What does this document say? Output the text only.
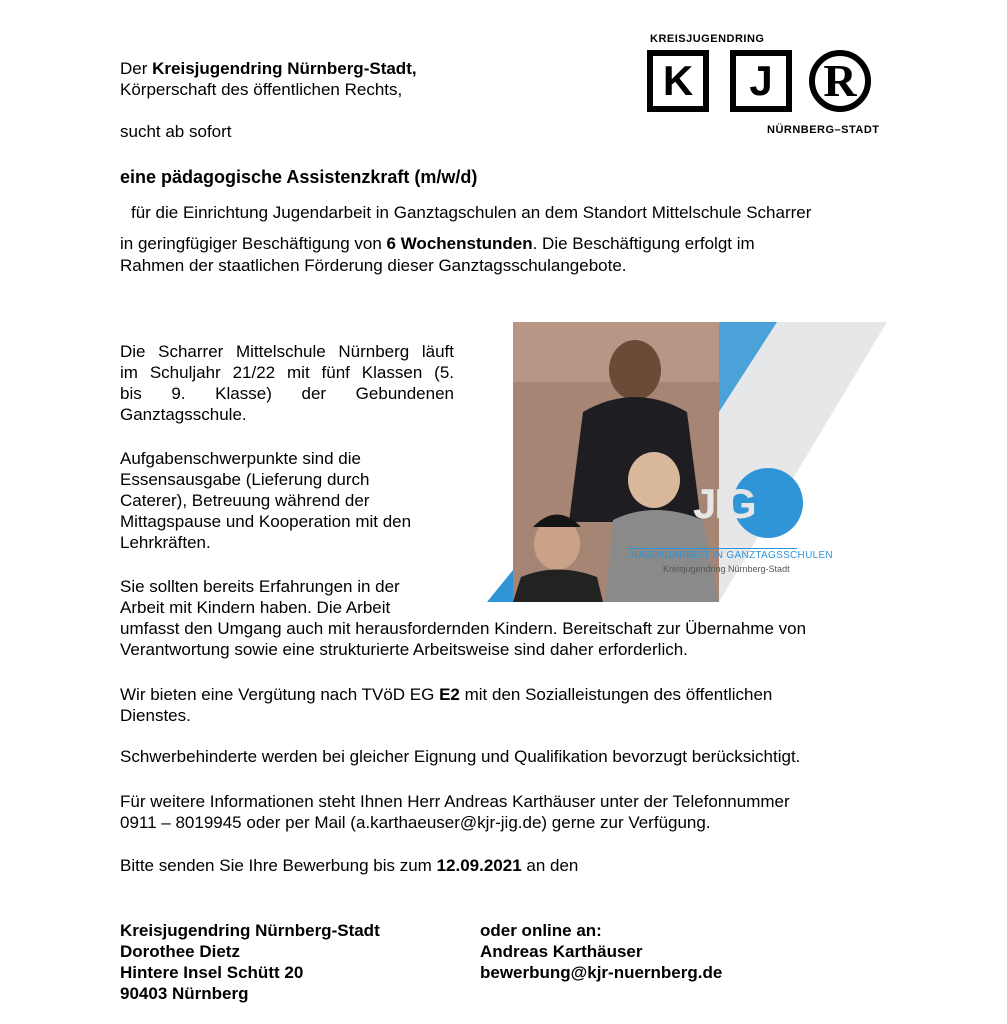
KREISJUGENDRING
K J R
NÜRNBERG–STADT
Der Kreisjugendring Nürnberg-Stadt,
Körperschaft des öffentlichen Rechts,
sucht ab sofort
eine pädagogische Assistenzkraft (m/w/d)
für die Einrichtung Jugendarbeit in Ganztagschulen an dem Standort Mittelschule Scharrer
in geringfügiger Beschäftigung von 6 Wochenstunden. Die Beschäftigung erfolgt im
Rahmen der staatlichen Förderung dieser Ganztagsschulangebote.
Die Scharrer Mittelschule Nürnberg läuft
im Schuljahr 21/22 mit fünf Klassen (5.
bis 9. Klasse) der Gebundenen
Ganztagsschule.
Aufgabenschwerpunkte sind die
Essensausgabe (Lieferung durch
Caterer), Betreuung während der
Mittagspause und Kooperation mit den
Lehrkräften.
Sie sollten bereits Erfahrungen in der
Arbeit mit Kindern haben. Die Arbeit
umfasst den Umgang auch mit herausfordernden Kindern. Bereitschaft zur Übernahme von
Verantwortung sowie eine strukturierte Arbeitsweise sind daher erforderlich.
Wir bieten eine Vergütung nach TVöD EG E2 mit den Sozialleistungen des öffentlichen
Dienstes.
Schwerbehinderte werden bei gleicher Eignung und Qualifikation bevorzugt berücksichtigt.
Für weitere Informationen steht Ihnen Herr Andreas Karthäuser unter der Telefonnummer
0911 – 8019945 oder per Mail (a.karthaeuser@kjr-jig.de) gerne zur Verfügung.
Bitte senden Sie Ihre Bewerbung bis zum 12.09.2021 an den
Kreisjugendring Nürnberg-Stadt
Dorothee Dietz
Hintere Insel Schütt 20
90403 Nürnberg
oder online an:
Andreas Karthäuser
bewerbung@kjr-nuernberg.de
JIG
JUGENDARBEIT IN GANZTAGSSCHULEN
Kreisjugendring Nürnberg-Stadt
